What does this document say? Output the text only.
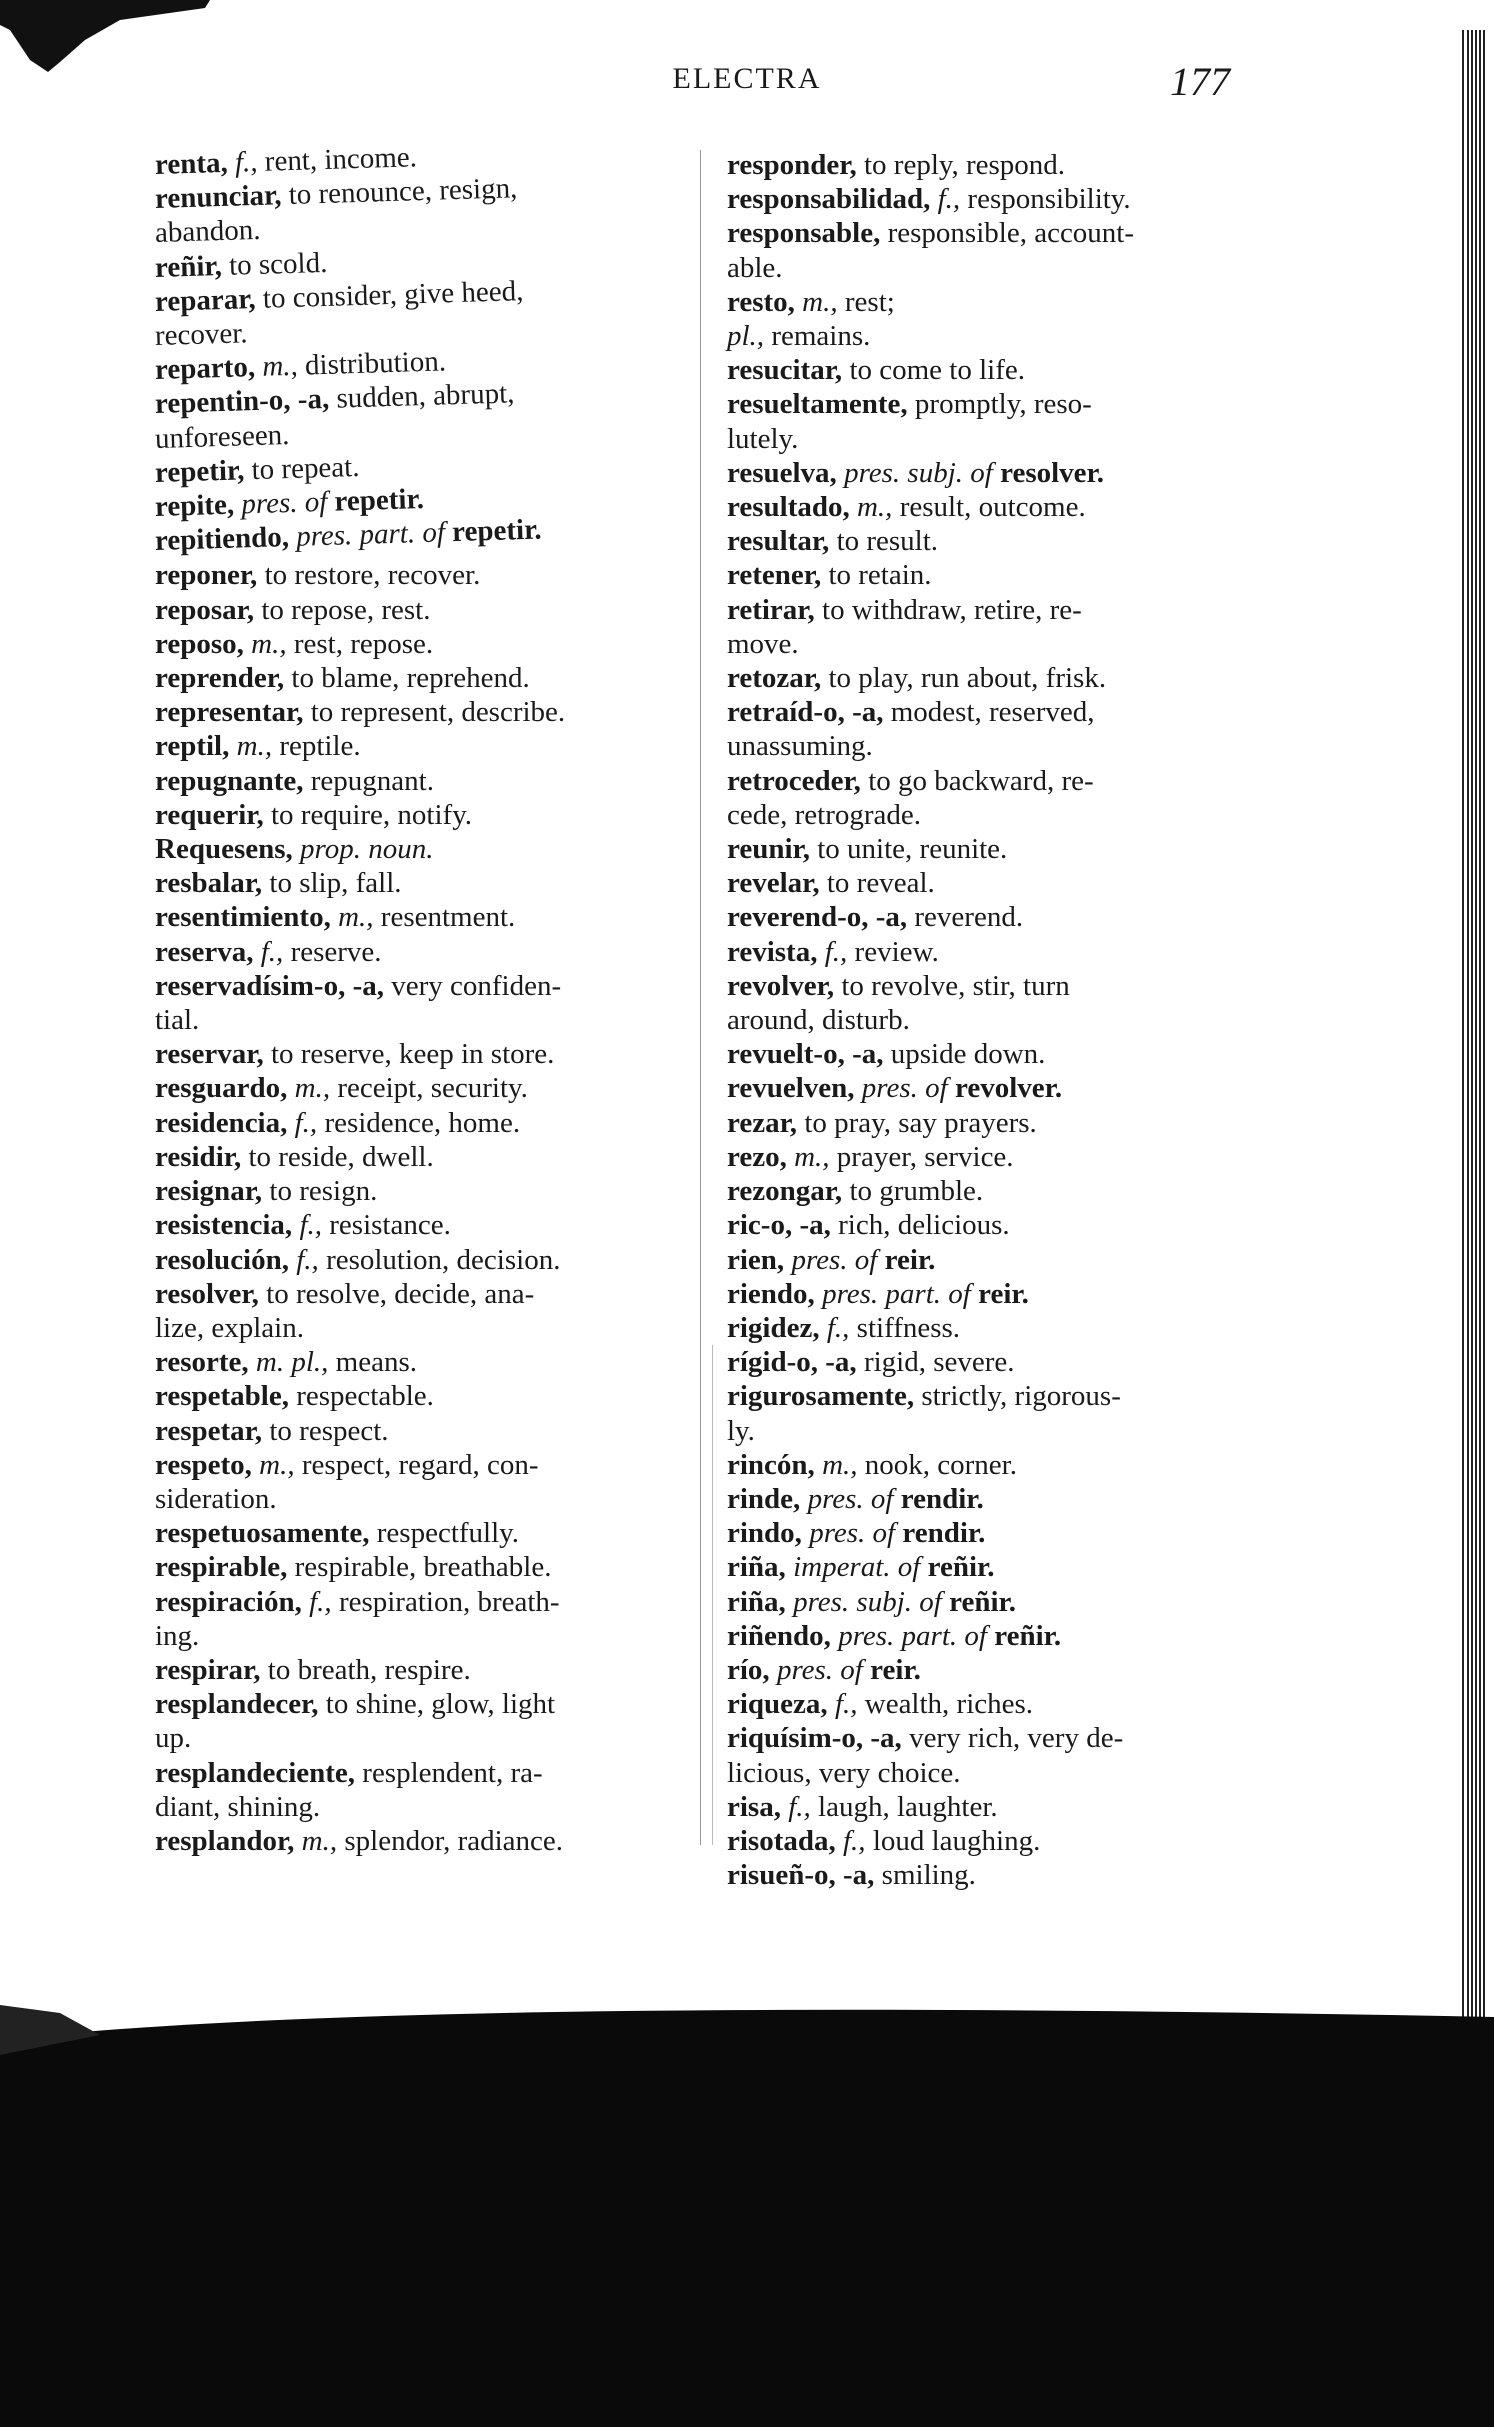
ELECTRA	177

renta, f., rent, income.

renunciar, to renounce, resign,

abandon.

reñir, to scold.

reparar, to consider, give heed,

recover.

reparto, m., distribution.

repentin-o, -a, sudden, abrupt,

unforeseen.

repetir, to repeat.

repite, pres. of repetir.

repitiendo, pres. part. of repetir.

reponer, to restore, recover.

reposar, to repose, rest.

reposo, m., rest, repose.

reprender, to blame, reprehend.

representar, to represent, describe.

reptil, m., reptile.

repugnante, repugnant.

requerir, to require, notify.

Requesens, prop. noun.

resbalar, to slip, fall.

resentimiento, m., resentment.

reserva, f., reserve.

reservadísim-o, -a, very confiden-

tial.

reservar, to reserve, keep in store.

resguardo, m., receipt, security.

residencia, f., residence, home.

residir, to reside, dwell.

resignar, to resign.

resistencia, f., resistance.

resolución, f., resolution, decision.

resolver, to resolve, decide, ana-

lize, explain.

resorte, m. pl., means.

respetable, respectable.

respetar, to respect.

respeto, m., respect, regard, con-

sideration.

respetuosamente, respectfully.

respirable, respirable, breathable.

respiración, f., respiration, breath-

ing.

respirar, to breath, respire.

resplandecer, to shine, glow, light

up.

resplandeciente, resplendent, ra-

diant, shining.

resplandor, m., splendor, radiance.

responder, to reply, respond.

responsabilidad, f., responsibility.

responsable, responsible, account-

able.

resto, m., rest;

pl., remains.

resucitar, to come to life.

resueltamente, promptly, reso-

lutely.

resuelva, pres. subj. of resolver.

resultado, m., result, outcome.

resultar, to result.

retener, to retain.

retirar, to withdraw, retire, re-

move.

retozar, to play, run about, frisk.

retraíd-o, -a, modest, reserved,

unassuming.

retroceder, to go backward, re-

cede, retrograde.

reunir, to unite, reunite.

revelar, to reveal.

reverend-o, -a, reverend.

revista, f., review.

revolver, to revolve, stir, turn

around, disturb.

revuelt-o, -a, upside down.

revuelven, pres. of revolver.

rezar, to pray, say prayers.

rezo, m., prayer, service.

rezongar, to grumble.

ric-o, -a, rich, delicious.

rien, pres. of reir.

riendo, pres. part. of reir.

rigidez, f., stiffness.

rígid-o, -a, rigid, severe.

rigurosamente, strictly, rigorous-

ly.

rincón, m., nook, corner.

rinde, pres. of rendir.

rindo, pres. of rendir.

riña, imperat. of reñir.

riña, pres. subj. of reñir.

riñendo, pres. part. of reñir.

río, pres. of reir.

riqueza, f., wealth, riches.

riquísim-o, -a, very rich, very de-

licious, very choice.

risa, f., laugh, laughter.

risotada, f., loud laughing.

risueñ-o, -a, smiling.
